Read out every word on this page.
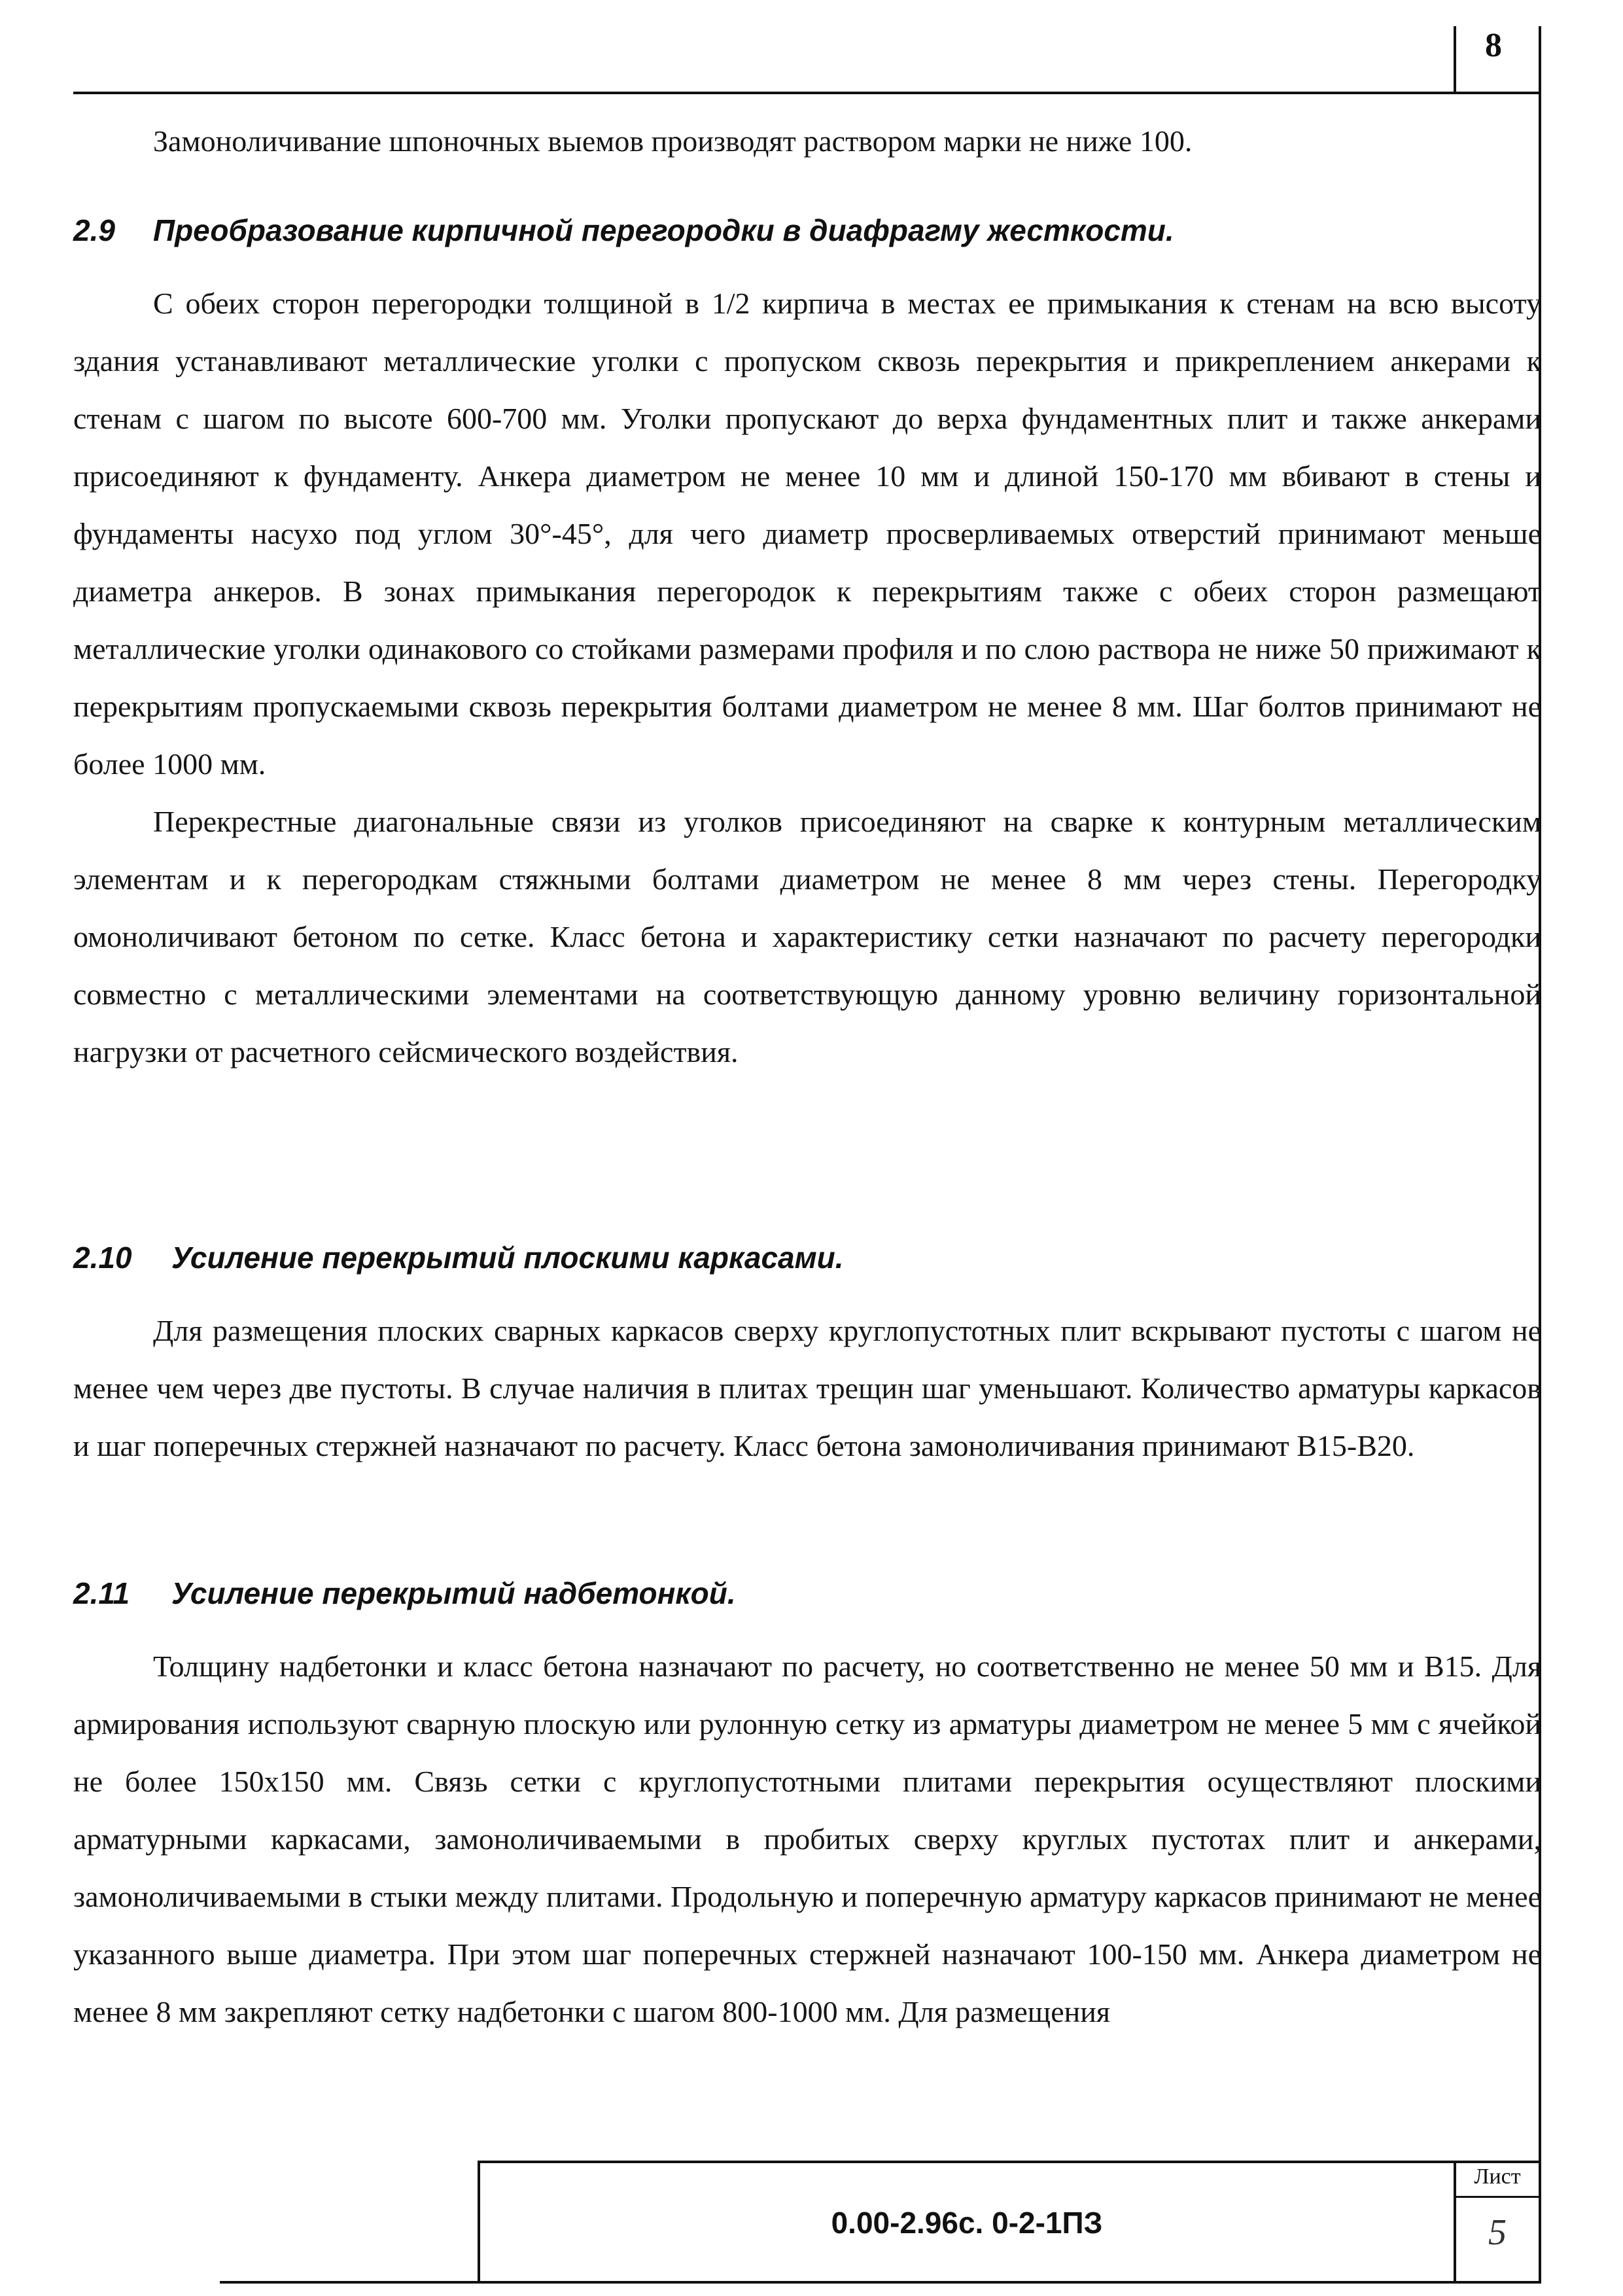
8

Замоноличивание шпоночных выемов производят раствором марки не ниже 100.

2.9 Преобразование кирпичной перегородки в диафрагму жесткости.

С обеих сторон перегородки толщиной в 1/2 кирпича в местах ее примыкания к стенам на всю высоту здания устанавливают металлические уголки с пропуском сквозь перекрытия и прикреплением анкерами к стенам с шагом по высоте 600-700 мм. Уголки пропускают до верха фундаментных плит и также анкерами присоединяют к фундаменту. Анкера диаметром не менее 10 мм и длиной 150-170 мм вбивают в стены и фундаменты насухо под углом 30°-45°, для чего диаметр просверливаемых отверстий принимают меньше диаметра анкеров. В зонах примыкания перегородок к перекрытиям также с обеих сторон размещают металлические уголки одинакового со стойками размерами профиля и по слою раствора не ниже 50 прижимают к перекрытиям пропускаемыми сквозь перекрытия болтами диаметром не менее 8 мм. Шаг болтов принимают не более 1000 мм.

Перекрестные диагональные связи из уголков присоединяют на сварке к контурным металлическим элементам и к перегородкам стяжными болтами диаметром не менее 8 мм через стены. Перегородку омоноличивают бетоном по сетке. Класс бетона и характеристику сетки назначают по расчету перегородки совместно с металлическими элементами на соответствующую данному уровню величину горизонтальной нагрузки от расчетного сейсмического воздействия.

2.10 Усиление перекрытий плоскими каркасами.

Для размещения плоских сварных каркасов сверху круглопустотных плит вскрывают пустоты с шагом не менее чем через две пустоты. В случае наличия в плитах трещин шаг уменьшают. Количество арматуры каркасов и шаг поперечных стержней назначают по расчету. Класс бетона замоноличивания принимают В15-В20.

2.11 Усиление перекрытий надбетонкой.

Толщину надбетонки и класс бетона назначают по расчету, но соответственно не менее 50 мм и В15. Для армирования используют сварную плоскую или рулонную сетку из арматуры диаметром не менее 5 мм с ячейкой не более 150x150 мм. Связь сетки с круглопустотными плитами перекрытия осуществляют плоскими арматурными каркасами, замоноличиваемыми в пробитых сверху круглых пустотах плит и анкерами, замоноличиваемыми в стыки между плитами. Продольную и поперечную арматуру каркасов принимают не менее указанного выше диаметра. При этом шаг поперечных стержней назначают 100-150 мм. Анкера диаметром не менее 8 мм закрепляют сетку надбетонки с шагом 800-1000 мм. Для размещения

Лист
0.00-2.96с. 0-2-1ПЗ	5
